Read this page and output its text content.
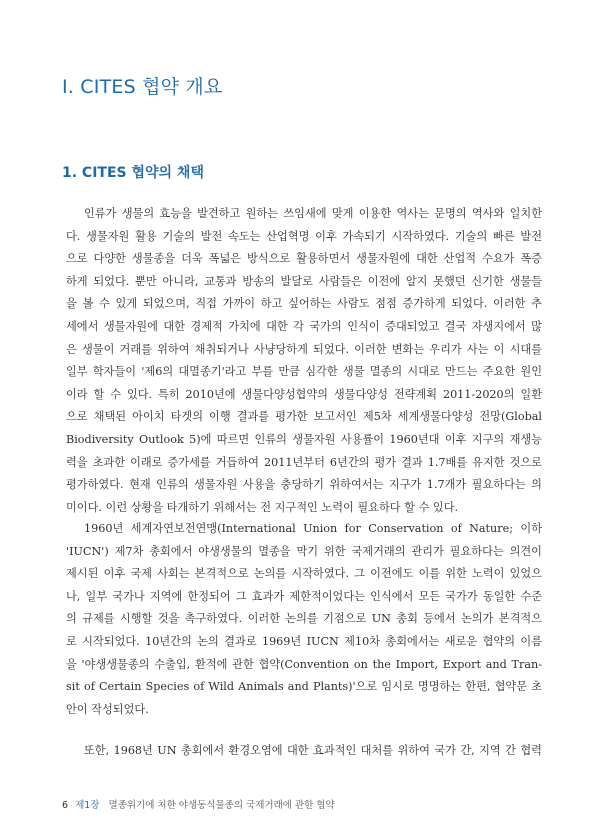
Ⅰ. CITES 협약 개요
1. CITES 협약의 채택
인류가 생물의 효능을 발견하고 원하는 쓰임새에 맞게 이용한 역사는 문명의 역사와 일치한
다. 생물자원 활용 기술의 발전 속도는 산업혁명 이후 가속되기 시작하였다. 기술의 빠른 발전
으로 다양한 생물종을 더욱 폭넓은 방식으로 활용하면서 생물자원에 대한 산업적 수요가 폭증
하게 되었다. 뿐만 아니라, 교통과 방송의 발달로 사람들은 이전에 알지 못했던 신기한 생물들
을 볼 수 있게 되었으며, 직접 가까이 하고 싶어하는 사람도 점점 증가하게 되었다. 이러한 추
세에서 생물자원에 대한 경제적 가치에 대한 각 국가의 인식이 증대되었고 결국 자생지에서 많
은 생물이 거래를 위하여 채취되거나 사냥당하게 되었다. 이러한 변화는 우리가 사는 이 시대를
일부 학자들이 '제6의 대멸종기'라고 부를 만큼 심각한 생물 멸종의 시대로 만드는 주요한 원인
이라 할 수 있다. 특히 2010년에 생물다양성협약의 생물다양성 전략계획 2011-2020의 일환
으로 채택된 아이치 타겟의 이행 결과를 평가한 보고서인 제5차 세계생물다양성 전망(Global
Biodiversity Outlook 5)에 따르면 인류의 생물자원 사용률이 1960년대 이후 지구의 재생능
력을 초과한 이래로 증가세를 거듭하여 2011년부터 6년간의 평가 결과 1.7배를 유지한 것으로
평가하였다. 현재 인류의 생물자원 사용을 충당하기 위하여서는 지구가 1.7개가 필요하다는 의
미이다. 이런 상황을 타개하기 위해서는 전 지구적인 노력이 필요하다 할 수 있다.
1960년 세계자연보전연맹(International Union for Conservation of Nature; 이하
'IUCN') 제7차 총회에서 야생생물의 멸종을 막기 위한 국제거래의 관리가 필요하다는 의견이
제시된 이후 국제 사회는 본격적으로 논의를 시작하였다. 그 이전에도 이를 위한 노력이 있었으
나, 일부 국가나 지역에 한정되어 그 효과가 제한적이었다는 인식에서 모든 국가가 동일한 수준
의 규제를 시행할 것을 촉구하였다. 이러한 논의를 기점으로 UN 총회 등에서 논의가 본격적으
로 시작되었다. 10년간의 논의 결과로 1969년 IUCN 제10차 총회에서는 새로운 협약의 이름
을 '야생생물종의 수출입, 환적에 관한 협약(Convention on the Import, Export and Tran-
sit of Certain Species of Wild Animals and Plants)'으로 임시로 명명하는 한편, 협약문 초
안이 작성되었다.
또한, 1968년 UN 총회에서 환경오염에 대한 효과적인 대처를 위하여 국가 간, 지역 간 협력
6 제1장 멸종위기에 처한 야생동식물종의 국제거래에 관한 협약
